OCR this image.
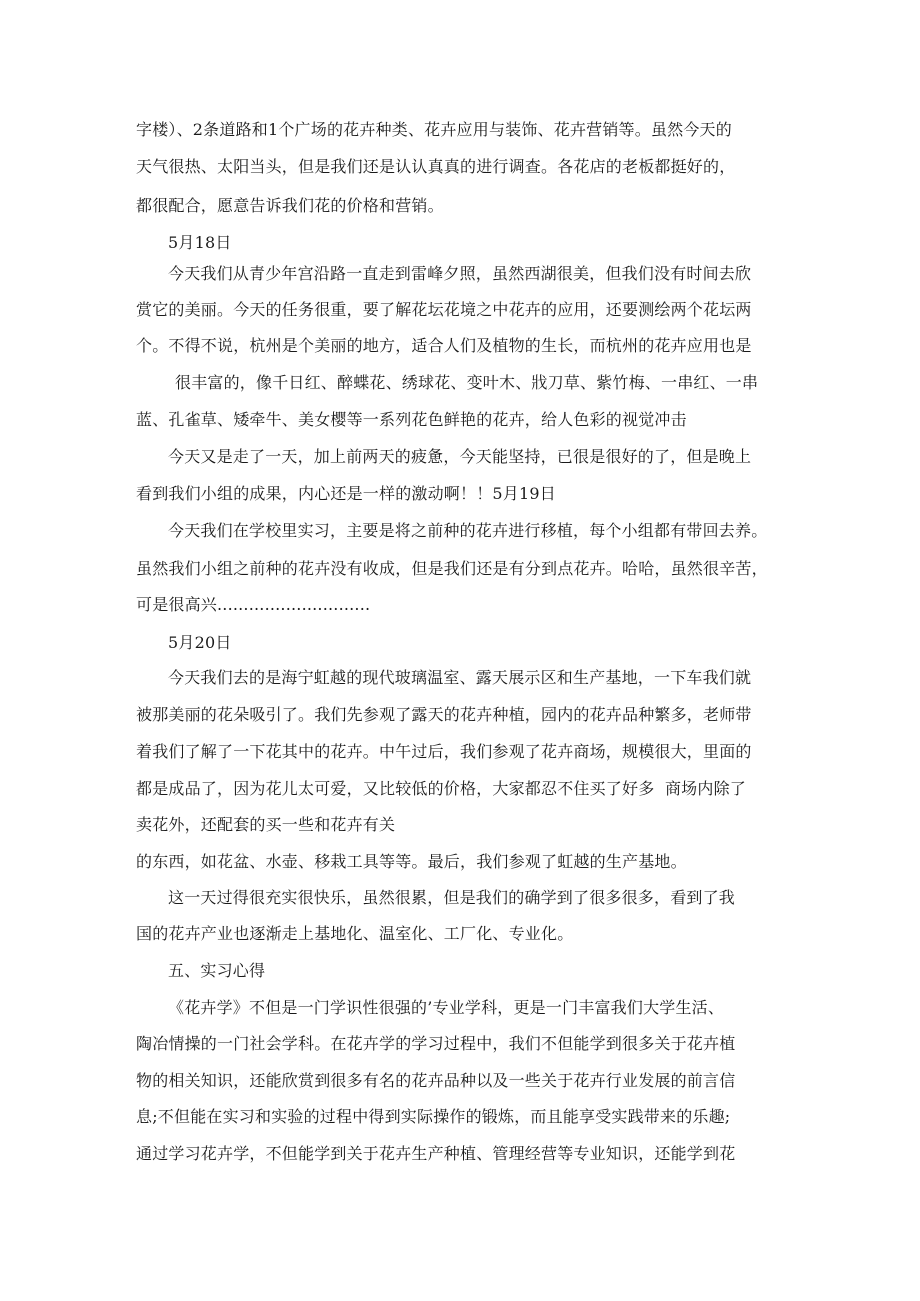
字楼）、2条道路和1个广场的花卉种类、花卉应用与装饰、花卉营销等。虽然今天的
天气很热、太阳当头，但是我们还是认认真真的进行调查。各花店的老板都挺好的，
都很配合，愿意告诉我们花的价格和营销。
5月18日
今天我们从青少年宫沿路一直走到雷峰夕照，虽然西湖很美，但我们没有时间去欣
赏它的美丽。今天的任务很重，要了解花坛花境之中花卉的应用，还要测绘两个花坛两
个。不得不说，杭州是个美丽的地方，适合人们及植物的生长，而杭州的花卉应用也是
很丰富的，像千日红、醉蝶花、绣球花、变叶木、戕刀草、紫竹梅、一串红、一串
蓝、孔雀草、矮牵牛、美女樱等一系列花色鲜艳的花卉，给人色彩的视觉冲击
今天又是走了一天，加上前两天的疲惫，今天能坚持，已很是很好的了，但是晚上
看到我们小组的成果，内心还是一样的激动啊！！5月19日
今天我们在学校里实习，主要是将之前种的花卉进行移植，每个小组都有带回去养。
虽然我们小组之前种的花卉没有收成，但是我们还是有分到点花卉。哈哈，虽然很辛苦，
可是很高兴.............................
5月20日
今天我们去的是海宁虹越的现代玻璃温室、露天展示区和生产基地，一下车我们就
被那美丽的花朵吸引了。我们先参观了露天的花卉种植，园内的花卉品种繁多，老师带
着我们了解了一下花其中的花卉。中午过后，我们参观了花卉商场，规模很大，里面的
都是成品了，因为花儿太可爱，又比较低的价格，大家都忍不住买了好多  商场内除了
卖花外，还配套的买一些和花卉有关
的东西，如花盆、水壶、移栽工具等等。最后，我们参观了虹越的生产基地。
这一天过得很充实很快乐，虽然很累，但是我们的确学到了很多很多，看到了我
国的花卉产业也逐渐走上基地化、温室化、工厂化、专业化。
五、实习心得
《花卉学》不但是一门学识性很强的’专业学科，更是一门丰富我们大学生活、
陶冶情操的一门社会学科。在花卉学的学习过程中，我们不但能学到很多关于花卉植
物的相关知识，还能欣赏到很多有名的花卉品种以及一些关于花卉行业发展的前言信
息;不但能在实习和实验的过程中得到实际操作的锻炼，而且能享受实践带来的乐趣;
通过学习花卉学，不但能学到关于花卉生产种植、管理经营等专业知识，还能学到花
